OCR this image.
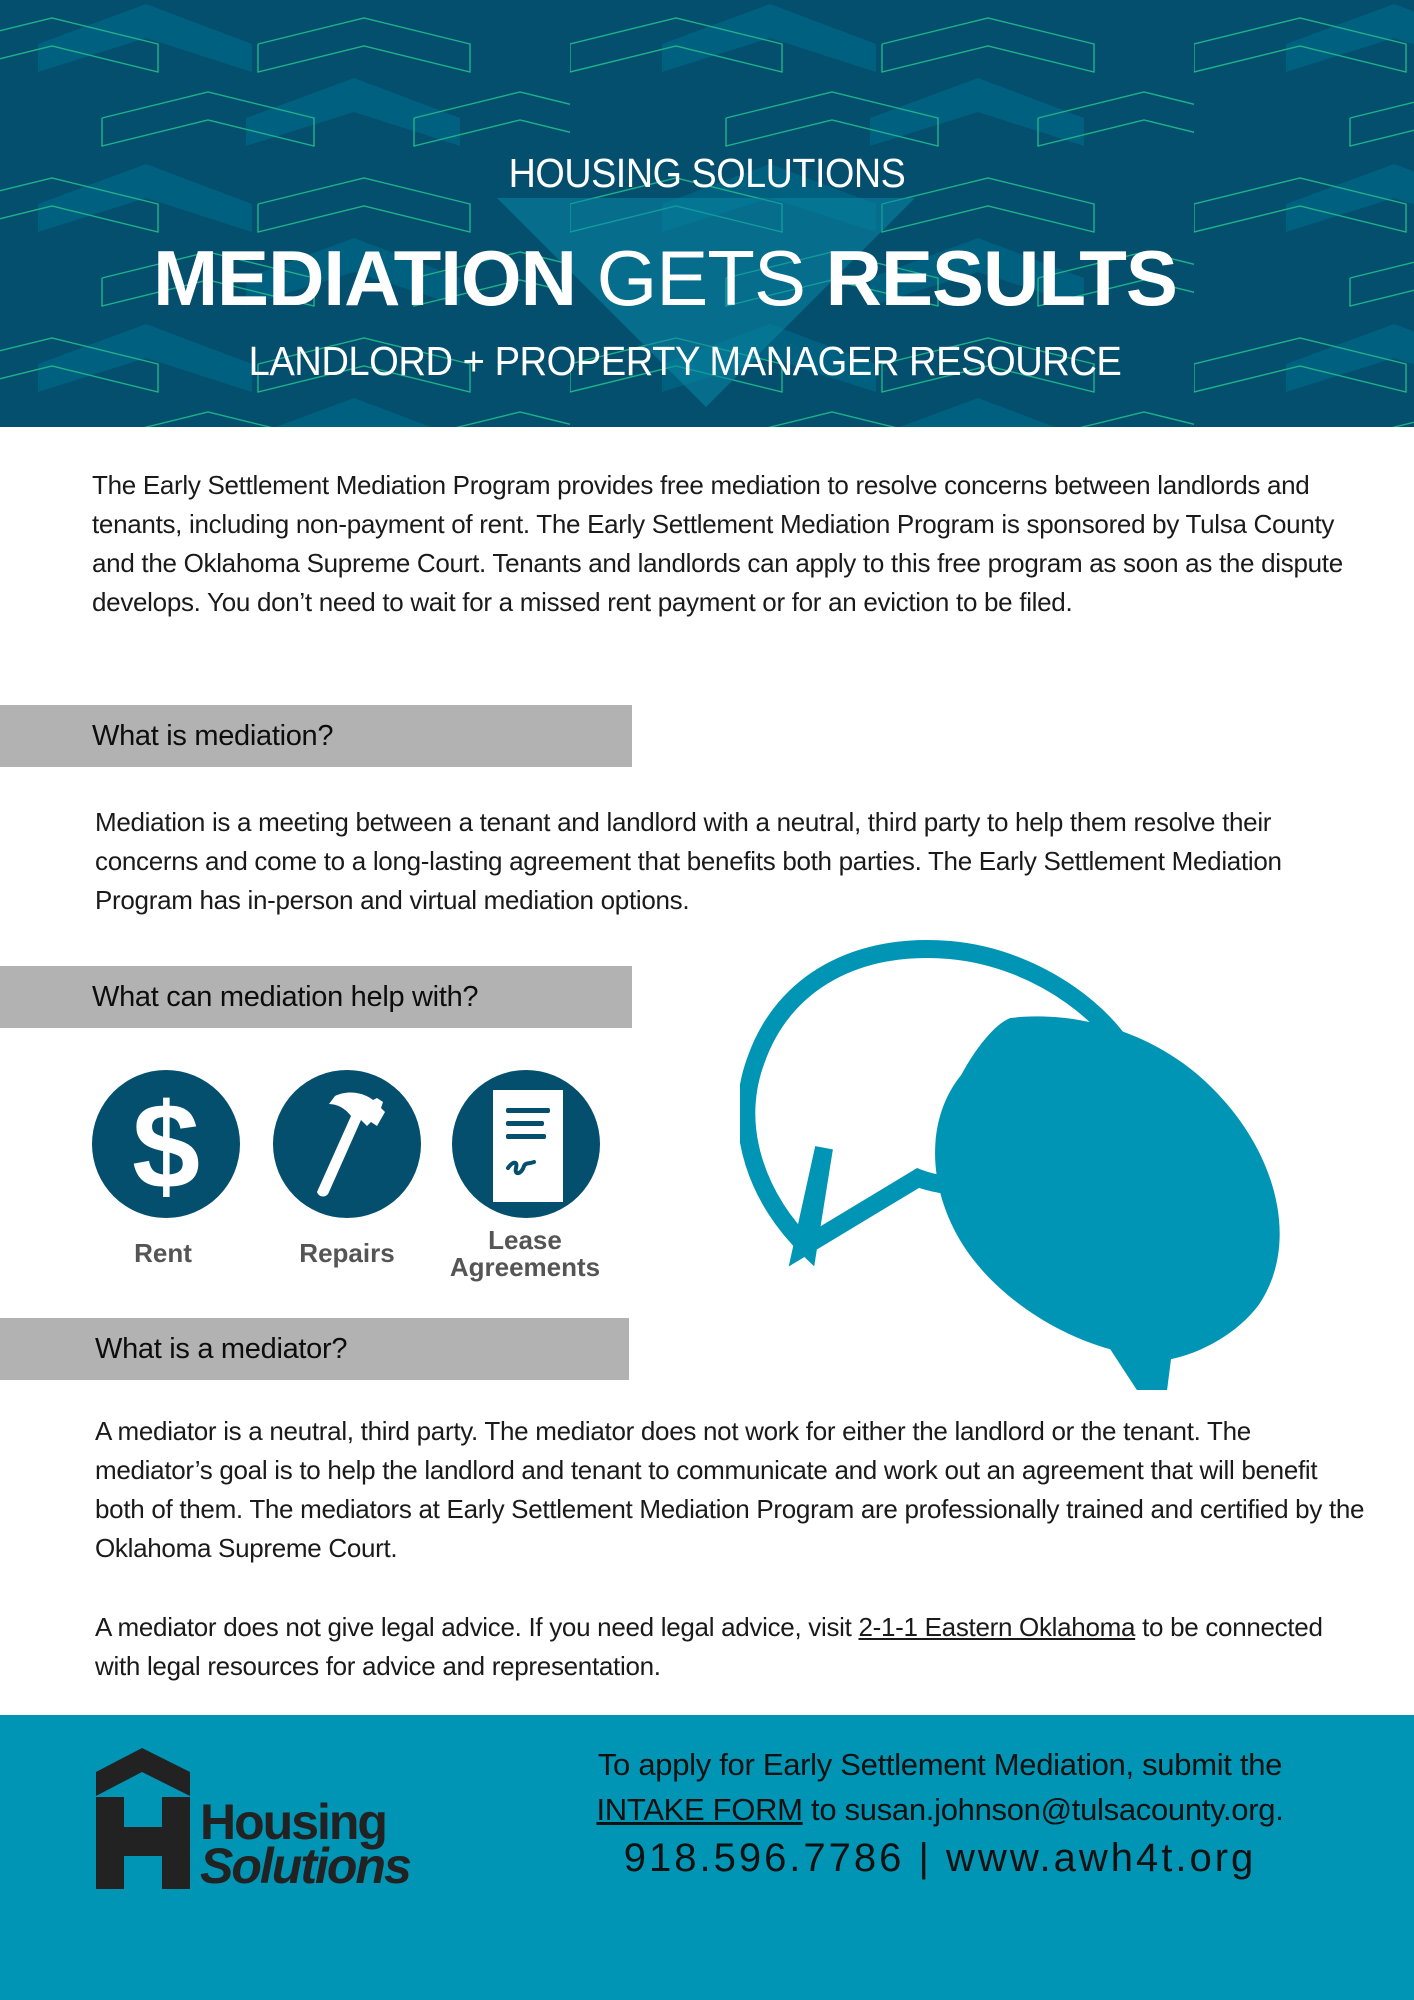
HOUSING SOLUTIONS
MEDIATION GETS RESULTS
LANDLORD + PROPERTY MANAGER RESOURCE
The Early Settlement Mediation Program provides free mediation to resolve concerns between landlords and tenants, including non-payment of rent. The Early Settlement Mediation Program is sponsored by Tulsa County and the Oklahoma Supreme Court. Tenants and landlords can apply to this free program as soon as the dispute develops. You don’t need to wait for a missed rent payment or for an eviction to be filed.
What is mediation?
Mediation is a meeting between a tenant and landlord with a neutral, third party to help them resolve their concerns and come to a long-lasting agreement that benefits both parties. The Early Settlement Mediation Program has in-person and virtual mediation options.
What can mediation help with?
$
Rent	Repairs	Lease
Agreements
What is a mediator?
A mediator is a neutral, third party. The mediator does not work for either the landlord or the tenant. The mediator’s goal is to help the landlord and tenant to communicate and work out an agreement that will benefit both of them. The mediators at Early Settlement Mediation Program are professionally trained and certified by the Oklahoma Supreme Court.
A mediator does not give legal advice. If you need legal advice, visit 2-1-1 Eastern Oklahoma to be connected with legal resources for advice and representation.
Housing
Solutions
To apply for Early Settlement Mediation, submit the
INTAKE FORM to susan.johnson@tulsacounty.org.
918.596.7786 | www.awh4t.org
